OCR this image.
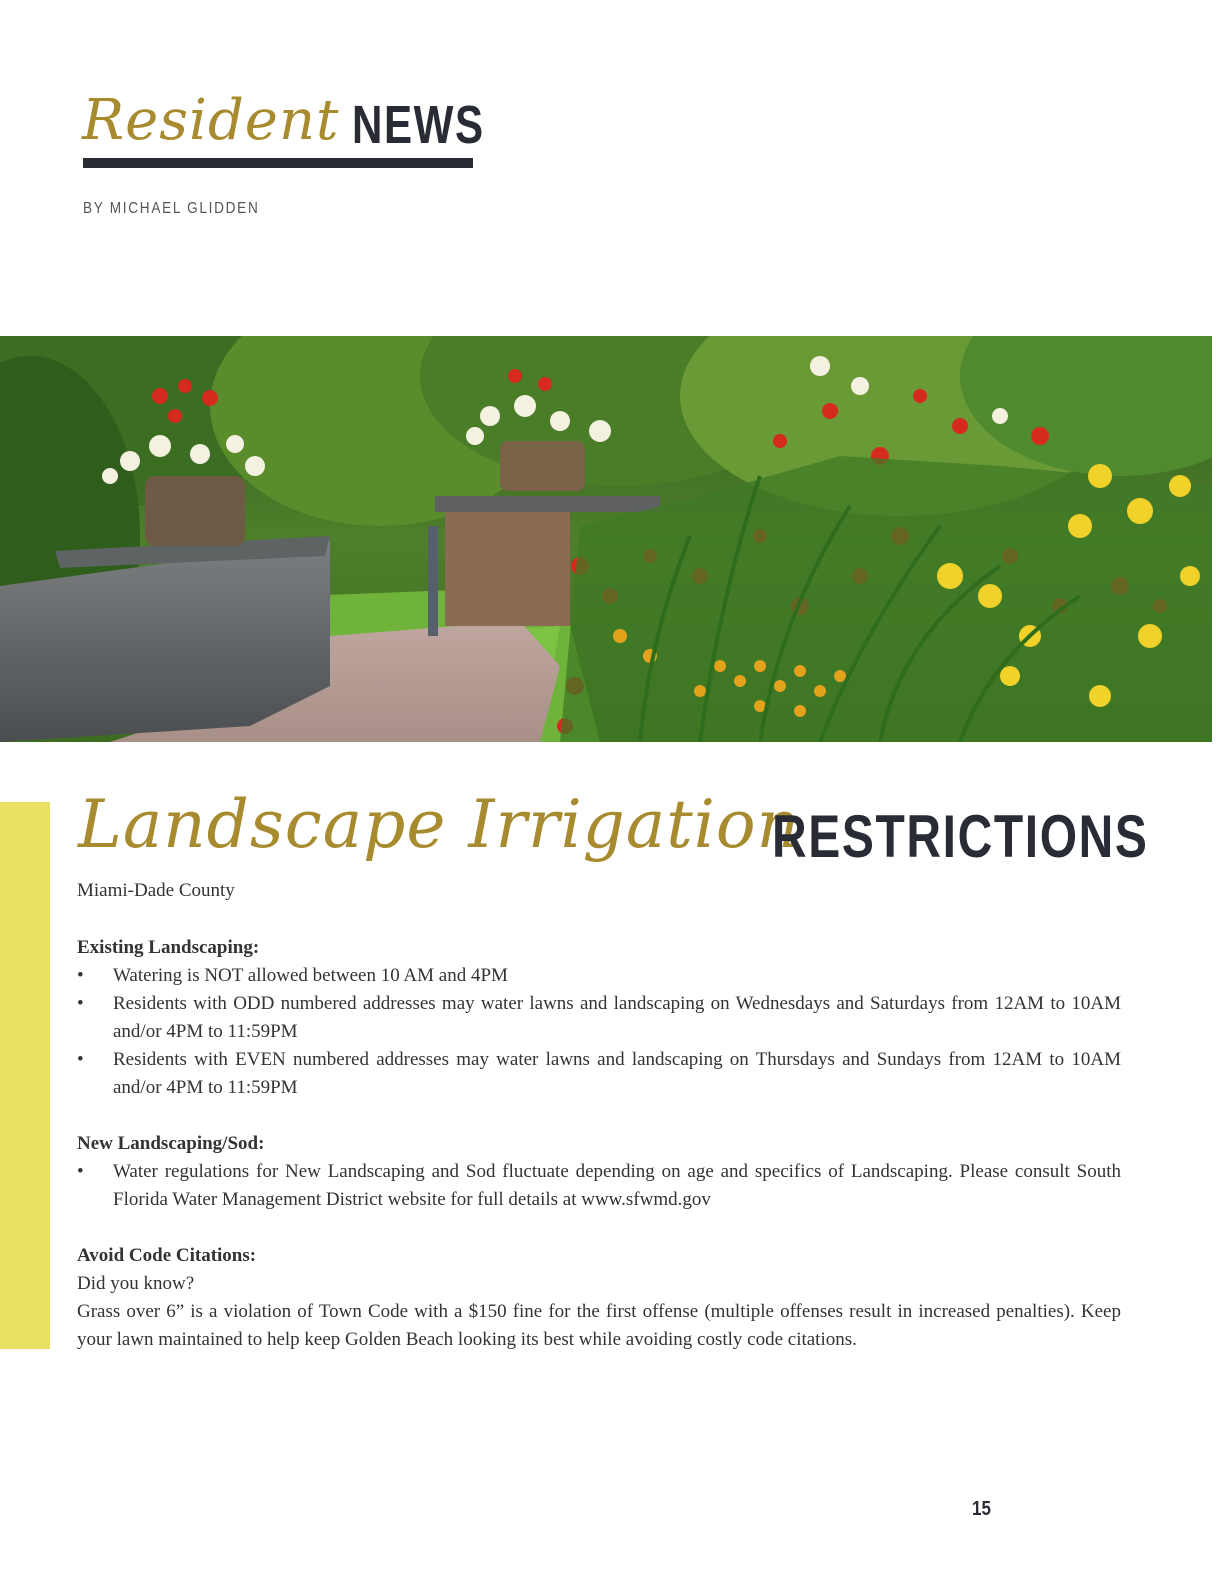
Resident NEWS
BY MICHAEL GLIDDEN
Landscape Irrigation
RESTRICTIONS
Miami-Dade County

Existing Landscaping:

• Watering is NOT allowed between 10 AM and 4PM
• Residents with ODD numbered addresses may water lawns and landscaping on Wednesdays and Saturdays from 12AM to 10AM and/or 4PM to 11:59PM
• Residents with EVEN numbered addresses may water lawns and landscaping on Thursdays and Sundays from 12AM to 10AM and/or 4PM to 11:59PM

New Landscaping/Sod:

• Water regulations for New Landscaping and Sod fluctuate depending on age and specifics of Landscaping. Please consult South Florida Water Management District website for full details at www.sfwmd.gov

Avoid Code Citations:

Did you know?

Grass over 6” is a violation of Town Code with a $150 fine for the first offense (multiple offenses result in increased penalties). Keep your lawn maintained to help keep Golden Beach looking its best while avoiding costly code citations.

15
